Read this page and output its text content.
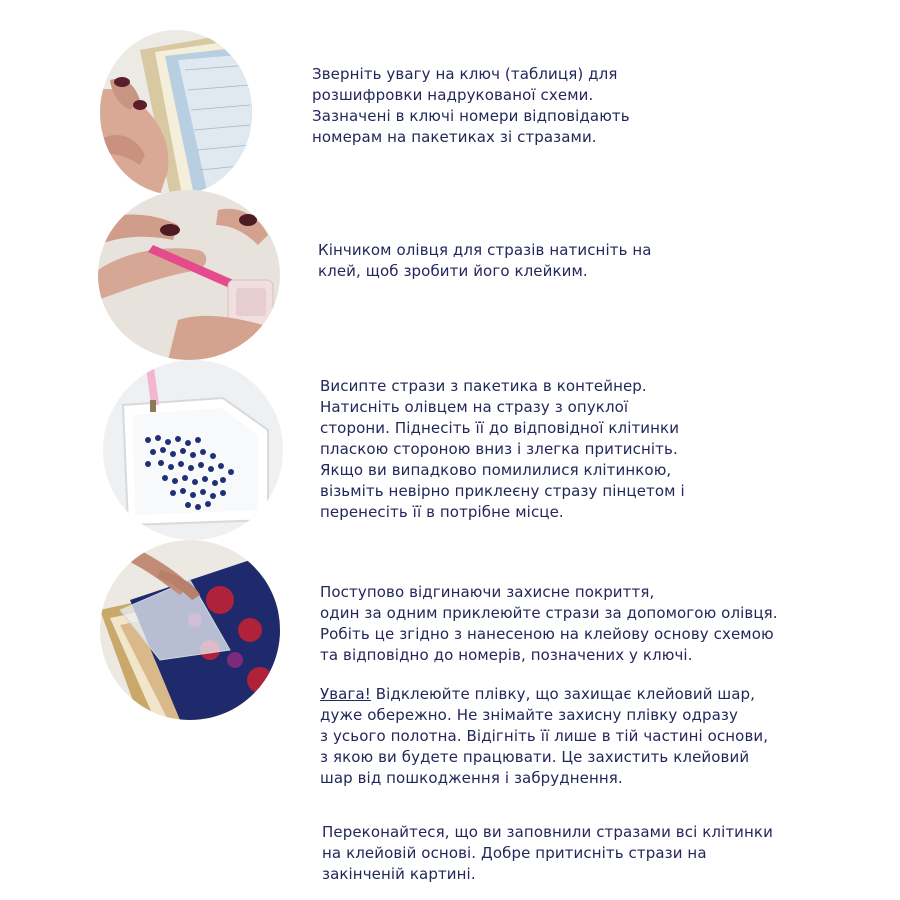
Зверніть увагу на ключ (таблиця) для
розшифровки надрукованої схеми.
Зазначені в ключі номери відповідають
номерам на пакетиках зі стразами.
Кінчиком олівця для стразів натисніть на
клей, щоб зробити його клейким.
Висипте стрази з пакетика в контейнер.
Натисніть олівцем на стразу з опуклої
сторони. Піднесіть її до відповідної клітинки
пласкою стороною вниз і злегка притисніть.
Якщо ви випадково помилилися клітинкою,
візьміть невірно приклеєну стразу пінцетом і
перенесіть її в потрібне місце.
Поступово відгинаючи захисне покриття,
один за одним приклеюйте стрази за допомогою олівця.
Робіть це згідно з нанесеною на клейову основу схемою
та відповідно до номерів, позначених у ключі.
Увага! Відклеюйте плівку, що захищає клейовий шар,
дуже обережно. Не знімайте захисну плівку одразу
з усього полотна. Відігніть її лише в тій частині основи,
з якою ви будете працювати. Це захистить клейовий
шар від пошкодження і забруднення.
Переконайтеся, що ви заповнили стразами всі клітинки
на клейовій основі. Добре притисніть стрази на
закінченій картині.
